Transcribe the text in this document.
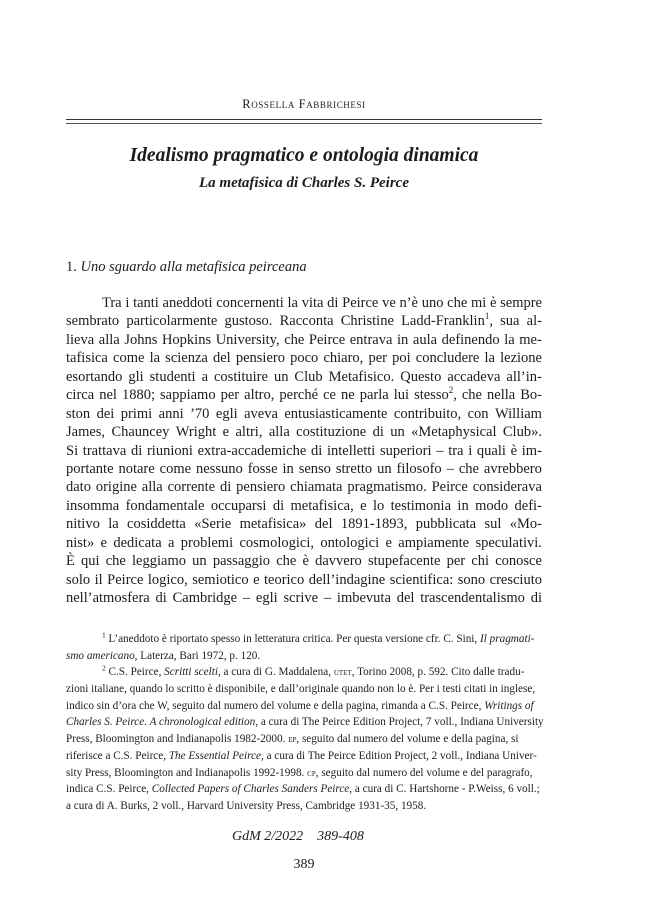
Rossella Fabbrichesi
Idealismo pragmatico e ontologia dinamica
La metafisica di Charles S. Peirce
1. Uno sguardo alla metafisica peirceana
Tra i tanti aneddoti concernenti la vita di Peirce ve n’è uno che mi è sempre
sembrato particolarmente gustoso. Racconta Christine Ladd-Franklin$^1$, sua al-
lieva alla Johns Hopkins University, che Peirce entrava in aula definendo la me-
tafisica come la scienza del pensiero poco chiaro, per poi concludere la lezione
esortando gli studenti a costituire un Club Metafisico. Questo accadeva all’in-
circa nel 1880; sappiamo per altro, perché ce ne parla lui stesso$^2$, che nella Bo-
ston dei primi anni ’70 egli aveva entusiasticamente contribuito, con William
James, Chauncey Wright e altri, alla costituzione di un «Metaphysical Club».
Si trattava di riunioni extra-accademiche di intelletti superiori – tra i quali è im-
portante notare come nessuno fosse in senso stretto un filosofo – che avrebbero
dato origine alla corrente di pensiero chiamata pragmatismo. Peirce considerava
insomma fondamentale occuparsi di metafisica, e lo testimonia in modo defi-
nitivo la cosiddetta «Serie metafisica» del 1891-1893, pubblicata sul «Mo-
nist» e dedicata a problemi cosmologici, ontologici e ampiamente speculativi.
È qui che leggiamo un passaggio che è davvero stupefacente per chi conosce
solo il Peirce logico, semiotico e teorico dell’indagine scientifica: sono cresciuto
nell’atmosfera di Cambridge – egli scrive – imbevuta del trascendentalismo di
$^1$ L’aneddoto è riportato spesso in letteratura critica. Per questa versione cfr. C. Sini, Il pragmati-
smo americano, Laterza, Bari 1972, p. 120.
$^2$ C.S. Peirce, Scritti scelti, a cura di G. Maddalena, utet, Torino 2008, p. 592. Cito dalle tradu-
zioni italiane, quando lo scritto è disponibile, e dall’originale quando non lo è. Per i testi citati in inglese,
indico sin d’ora che W, seguito dal numero del volume e della pagina, rimanda a C.S. Peirce, Writings of
Charles S. Peirce. A chronological edition, a cura di The Peirce Edition Project, 7 voll., Indiana University
Press, Bloomington and Indianapolis 1982-2000. ep, seguito dal numero del volume e della pagina, si
riferisce a C.S. Peirce, The Essential Peirce, a cura di The Peirce Edition Project, 2 voll., Indiana Univer-
sity Press, Bloomington and Indianapolis 1992-1998. cp, seguito dal numero del volume e del paragrafo,
indica C.S. Peirce, Collected Papers of Charles Sanders Peirce, a cura di C. Hartshorne - P.Weiss, 6 voll.;
a cura di A. Burks, 2 voll., Harvard University Press, Cambridge 1931-35, 1958.
GdM 2/2022 389-408
389
